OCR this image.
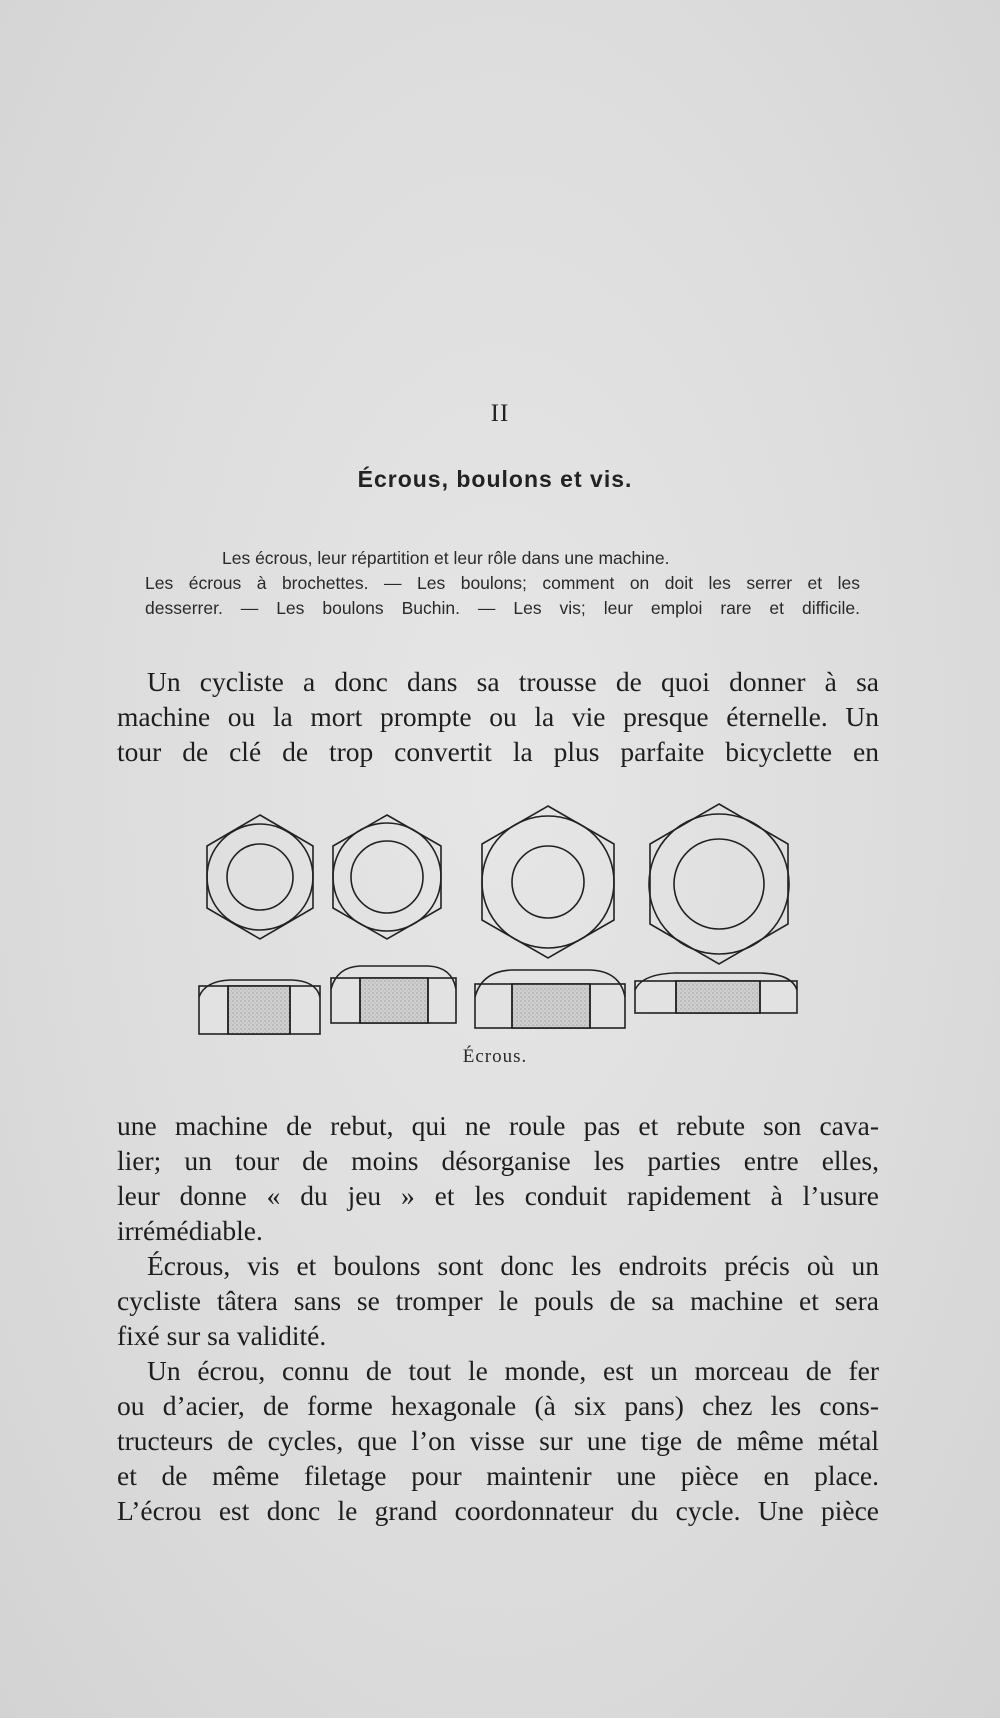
II
Écrous, boulons et vis.
Les écrous, leur répartition et leur rôle dans une machine.
Les écrous à brochettes. — Les boulons; comment on doit les serrer et les
desserrer. — Les boulons Buchin. — Les vis; leur emploi rare et difficile.
Un cycliste a donc dans sa trousse de quoi donner à sa
machine ou la mort prompte ou la vie presque éternelle. Un
tour de clé de trop convertit la plus parfaite bicyclette en
Écrous.
une machine de rebut, qui ne roule pas et rebute son cava-
lier; un tour de moins désorganise les parties entre elles,
leur donne « du jeu » et les conduit rapidement à l’usure
irrémédiable.
Écrous, vis et boulons sont donc les endroits précis où un
cycliste tâtera sans se tromper le pouls de sa machine et sera
fixé sur sa validité.
Un écrou, connu de tout le monde, est un morceau de fer
ou d’acier, de forme hexagonale (à six pans) chez les cons-
tructeurs de cycles, que l’on visse sur une tige de même métal
et de même filetage pour maintenir une pièce en place.
L’écrou est donc le grand coordonnateur du cycle. Une pièce
